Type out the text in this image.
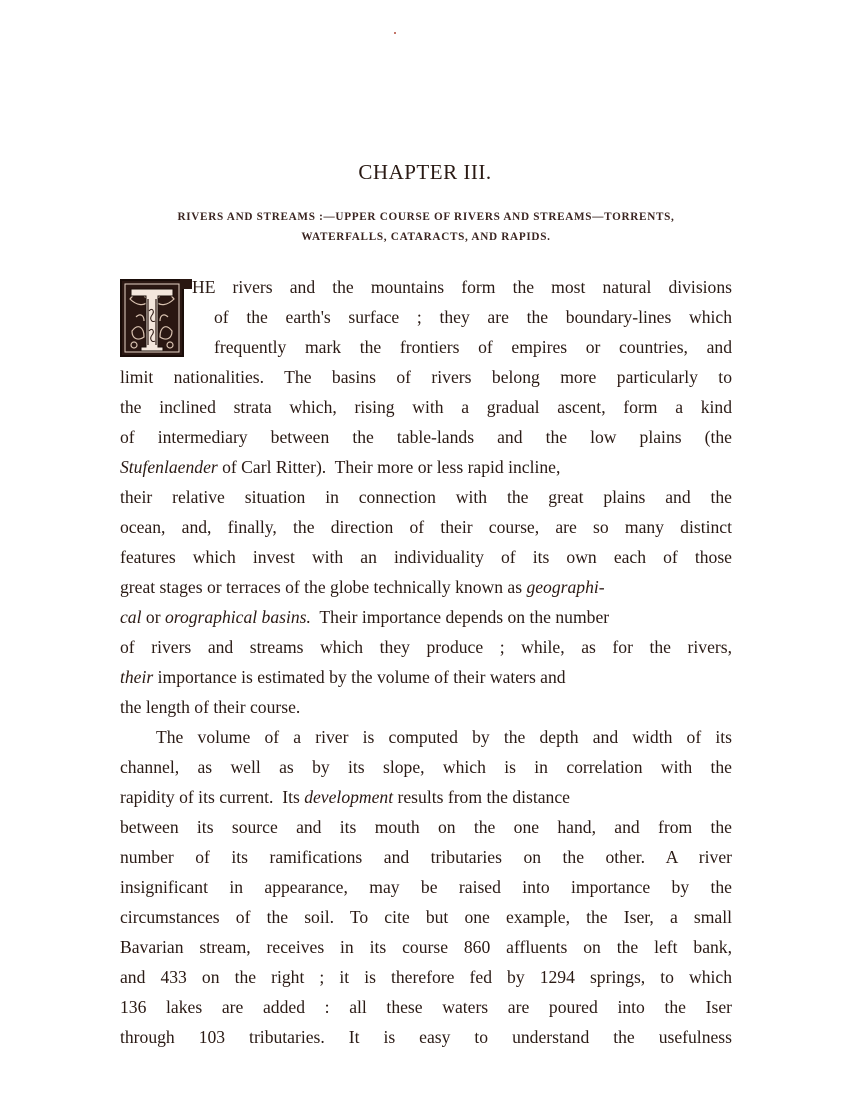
CHAPTER III.
RIVERS AND STREAMS :—UPPER COURSE OF RIVERS AND STREAMS—TORRENTS,
WATERFALLS, CATARACTS, AND RAPIDS.
HE rivers and the mountains form the most natural divisions
of the earth's surface ; they are the boundary-lines which
frequently mark the frontiers of empires or countries, and
limit nationalities. The basins of rivers belong more particularly to
the inclined strata which, rising with a gradual ascent, form a kind
of intermediary between the table-lands and the low plains (the
Stufenlaender of Carl Ritter).  Their more or less rapid incline,
their relative situation in connection with the great plains and the
ocean, and, finally, the direction of their course, are so many distinct
features which invest with an individuality of its own each of those
great stages or terraces of the globe technically known as geographi-
cal or orographical basins.  Their importance depends on the number
of rivers and streams which they produce ; while, as for the rivers,
their importance is estimated by the volume of their waters and
the length of their course.
The volume of a river is computed by the depth and width of its
channel, as well as by its slope, which is in correlation with the
rapidity of its current.  Its development results from the distance
between its source and its mouth on the one hand, and from the
number of its ramifications and tributaries on the other. A river
insignificant in appearance, may be raised into importance by the
circumstances of the soil. To cite but one example, the Iser, a small
Bavarian stream, receives in its course 860 affluents on the left bank,
and 433 on the right ; it is therefore fed by 1294 springs, to which
136 lakes are added : all these waters are poured into the Iser
through 103 tributaries. It is easy to understand the usefulness
